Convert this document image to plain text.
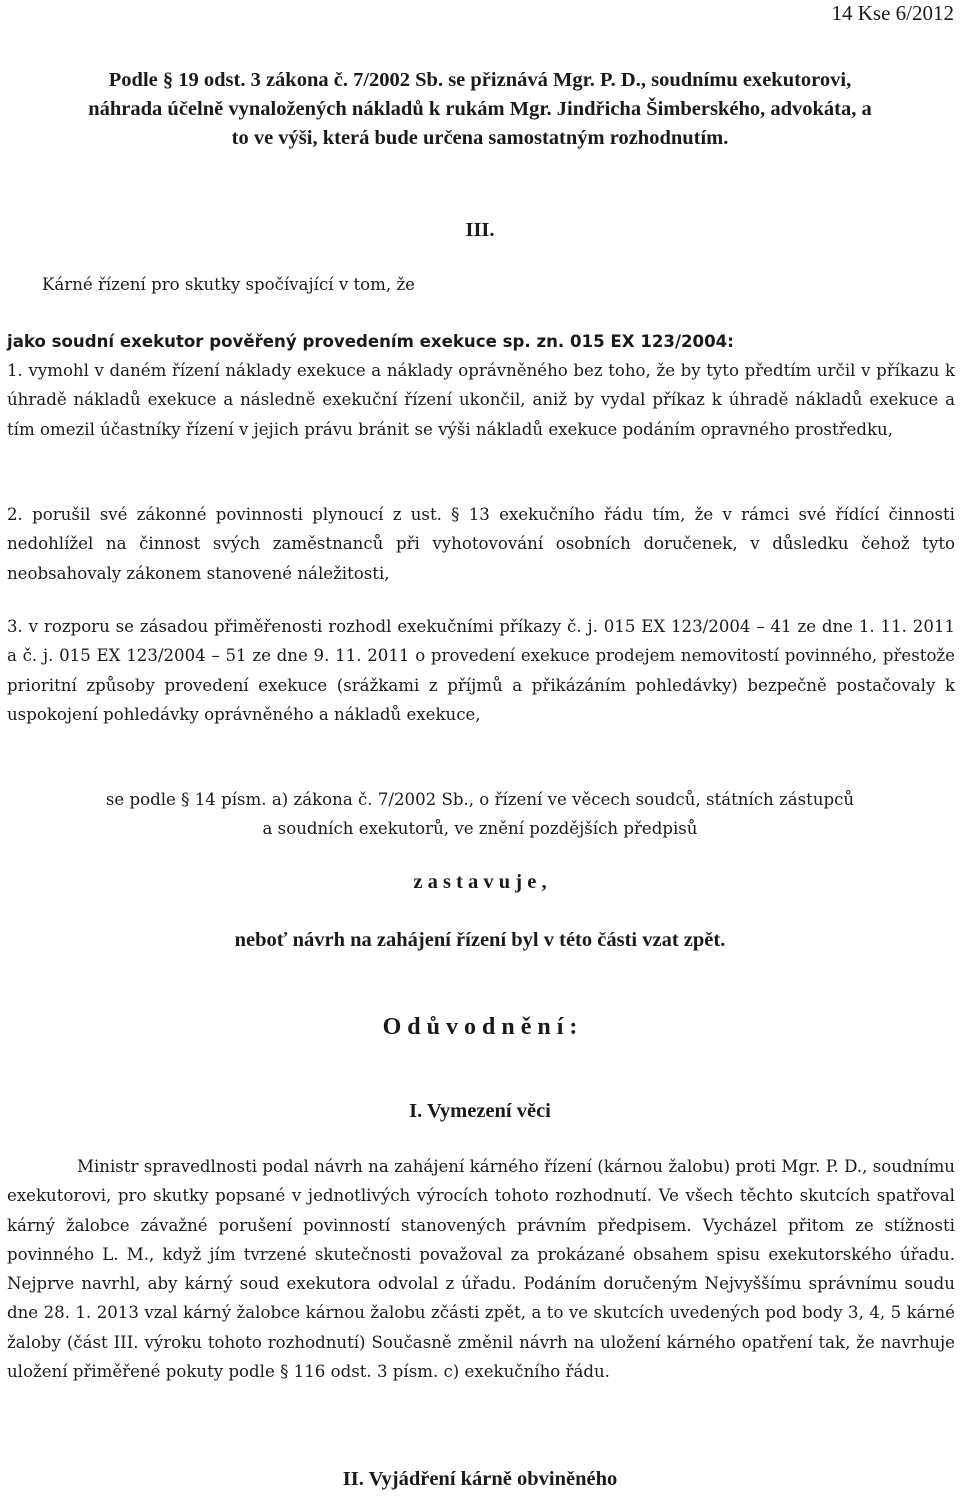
14 Kse 6/2012
Podle § 19 odst. 3 zákona č. 7/2002 Sb. se přiznává Mgr. P. D., soudnímu exekutorovi,
náhrada účelně vynaložených nákladů k rukám Mgr. Jindřicha Šimberského, advokáta, a
to ve výši, která bude určena samostatným rozhodnutím.
III.
Kárné řízení pro skutky spočívající v tom, že
jako soudní exekutor pověřený provedením exekuce sp. zn. 015 EX 123/2004:
1. vymohl v daném řízení náklady exekuce a náklady oprávněného bez toho, že by tyto předtím určil v příkazu k úhradě nákladů exekuce a následně exekuční řízení ukončil, aniž by vydal příkaz k úhradě nákladů exekuce a tím omezil účastníky řízení v jejich právu bránit se výši nákladů exekuce podáním opravného prostředku,
2. porušil své zákonné povinnosti plynoucí z ust. § 13 exekučního řádu tím, že v rámci své řídící činnosti nedohlížel na činnost svých zaměstnanců při vyhotovování osobních doručenek, v důsledku čehož tyto neobsahovaly zákonem stanovené náležitosti,
3. v rozporu se zásadou přiměřenosti rozhodl exekučními příkazy č. j. 015 EX 123/2004 – 41 ze dne 1. 11. 2011 a č. j. 015 EX 123/2004 – 51 ze dne 9. 11. 2011 o provedení exekuce prodejem nemovitostí povinného, přestože prioritní způsoby provedení exekuce (srážkami z příjmů a přikázáním pohledávky) bezpečně postačovaly k uspokojení pohledávky oprávněného a nákladů exekuce,
se podle § 14 písm. a) zákona č. 7/2002 Sb., o řízení ve věcech soudců, státních zástupců
a soudních exekutorů, ve znění pozdějších předpisů
z a s t a v u j e ,
neboť návrh na zahájení řízení byl v této části vzat zpět.
O d ů v o d n ě n í :
I. Vymezení věci
Ministr spravedlnosti podal návrh na zahájení kárného řízení (kárnou žalobu) proti Mgr. P. D., soudnímu exekutorovi, pro skutky popsané v jednotlivých výrocích tohoto rozhodnutí. Ve všech těchto skutcích spatřoval kárný žalobce závažné porušení povinností stanovených právním předpisem. Vycházel přitom ze stížnosti povinného L. M., když jím tvrzené skutečnosti považoval za prokázané obsahem spisu exekutorského úřadu. Nejprve navrhl, aby kárný soud exekutora odvolal z úřadu. Podáním doručeným Nejvyššímu správnímu soudu dne 28. 1. 2013 vzal kárný žalobce kárnou žalobu zčásti zpět, a to ve skutcích uvedených pod body 3, 4, 5 kárné žaloby (část III. výroku tohoto rozhodnutí) Současně změnil návrh na uložení kárného opatření tak, že navrhuje uložení přiměřené pokuty podle § 116 odst. 3 písm. c) exekučního řádu.
II. Vyjádření kárně obviněného
